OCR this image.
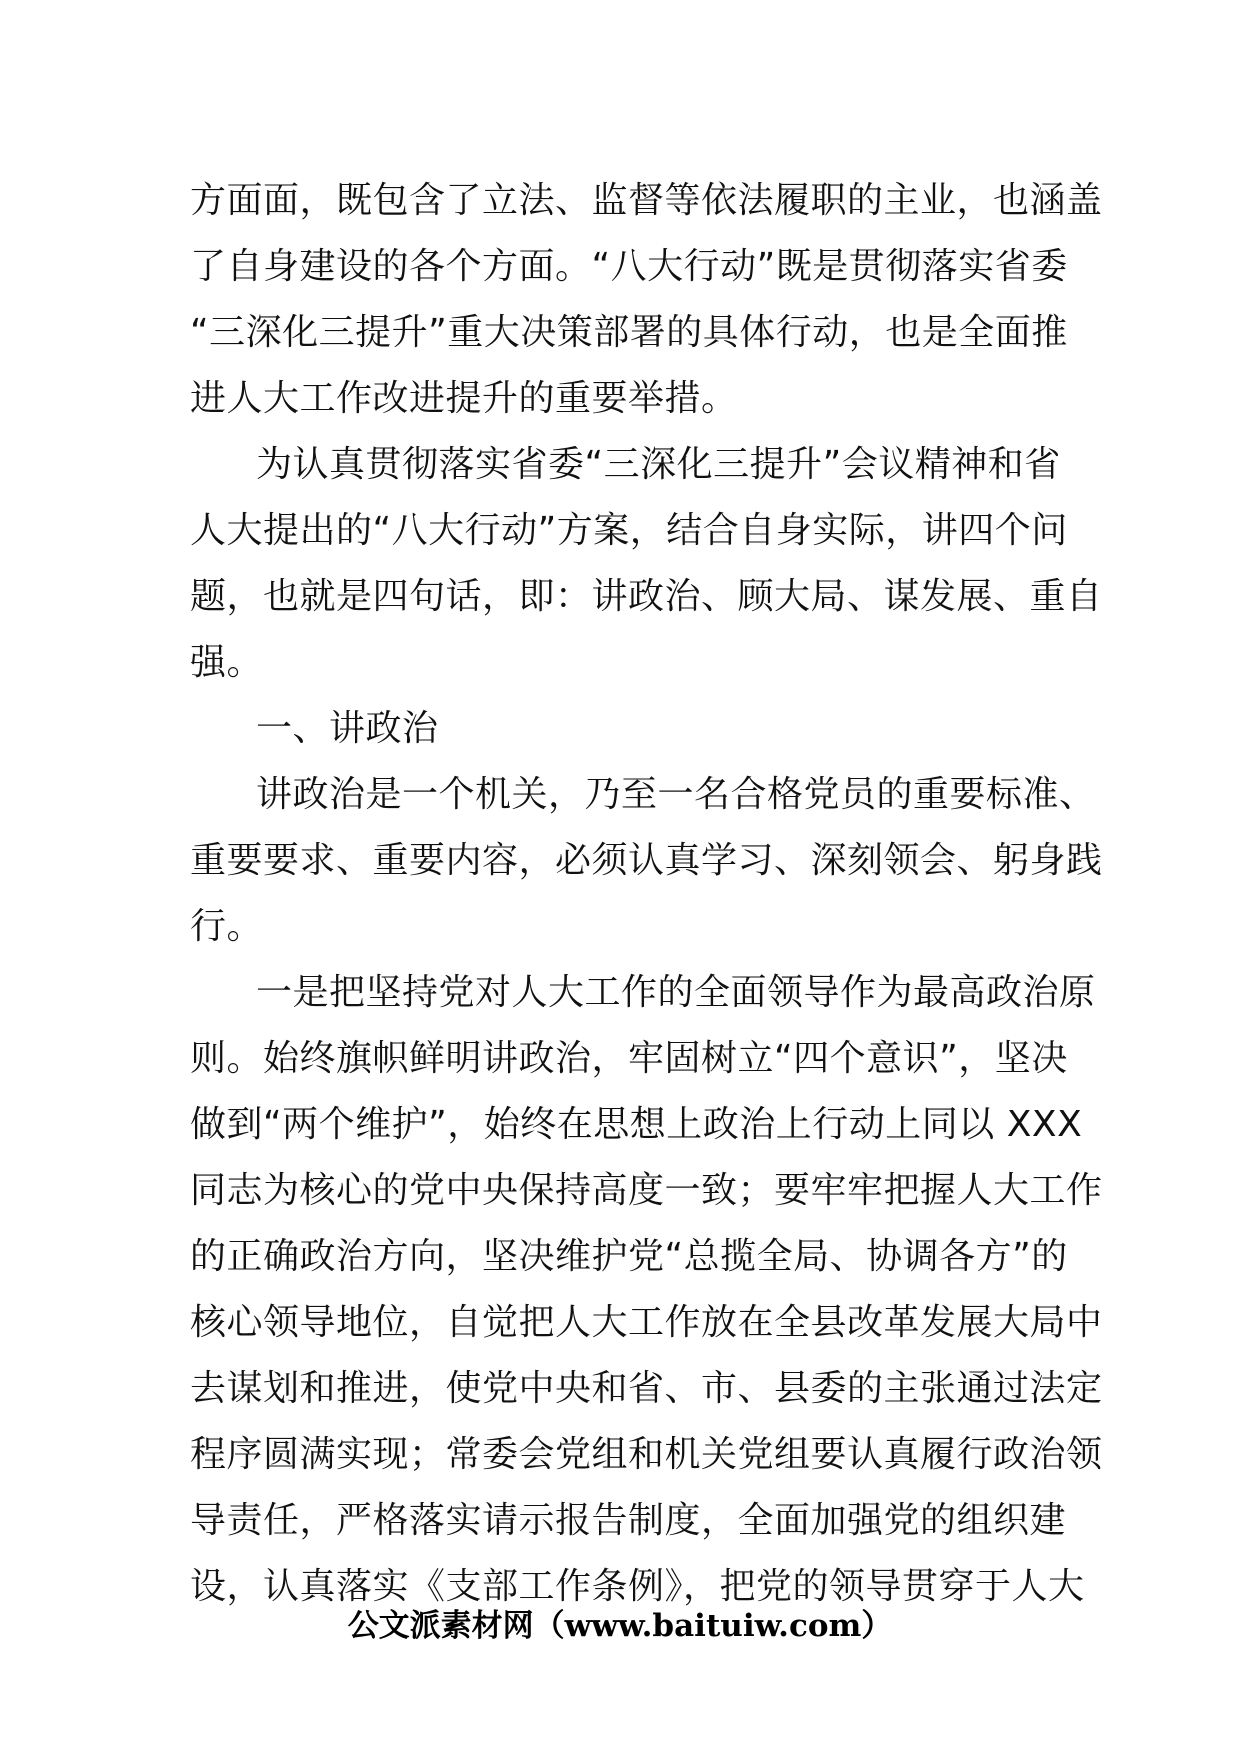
方面面，既包含了立法、监督等依法履职的主业，也涵盖
了自身建设的各个方面。“八大行动”既是贯彻落实省委
“三深化三提升”重大决策部署的具体行动，也是全面推
进人大工作改进提升的重要举措。
为认真贯彻落实省委“三深化三提升”会议精神和省
人大提出的“八大行动”方案，结合自身实际，讲四个问
题，也就是四句话，即：讲政治、顾大局、谋发展、重自
强。
一、讲政治
讲政治是一个机关，乃至一名合格党员的重要标准、
重要要求、重要内容，必须认真学习、深刻领会、躬身践
行。
一是把坚持党对人大工作的全面领导作为最高政治原
则。始终旗帜鲜明讲政治，牢固树立“四个意识”，坚决
做到“两个维护”，始终在思想上政治上行动上同以 XXX
同志为核心的党中央保持高度一致；要牢牢把握人大工作
的正确政治方向，坚决维护党“总揽全局、协调各方”的
核心领导地位，自觉把人大工作放在全县改革发展大局中
去谋划和推进，使党中央和省、市、县委的主张通过法定
程序圆满实现；常委会党组和机关党组要认真履行政治领
导责任，严格落实请示报告制度，全面加强党的组织建
设，认真落实《支部工作条例》，把党的领导贯穿于人大
公文派素材网（www.baituiw.com）
